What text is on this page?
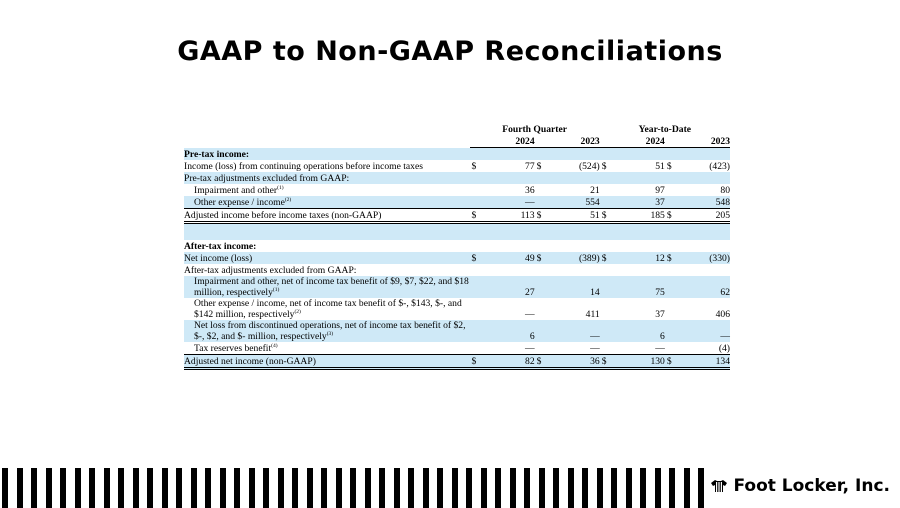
GAAP to Non-GAAP Reconciliations
	Fourth Quarter				Year-to-Date			
	2024		2023		2024		2023	
Pre-tax income:								
Income (loss) from continuing operations before income taxes	$	77	$	(524)	$	51	$	(423)
Pre-tax adjustments excluded from GAAP:								
Impairment and other$^{(1)}$		36		21		97		80
Other expense / income$^{(2)}$		—		554		37		548
Adjusted income before income taxes (non-GAAP)	$	113	$	51	$	185	$	205

After-tax income:								
Net income (loss)	$	49	$	(389)	$	12	$	(330)
After-tax adjustments excluded from GAAP:								
Impairment and other, net of income tax benefit of $9, $7, $22, and $18 million, respectively$^{(1)}$		27		14		75		62
Other expense / income, net of income tax benefit of $-, $143, $-, and $142 million, respectively$^{(2)}$		—		411		37		406
Net loss from discontinued operations, net of income tax benefit of $2, $-, $2, and $- million, respectively$^{(3)}$		6		—		6		—
Tax reserves benefit$^{(4)}$		—		—		—		(4)
Adjusted net income (non-GAAP)	$	82	$	36	$	130	$	134
Foot Locker, Inc.
